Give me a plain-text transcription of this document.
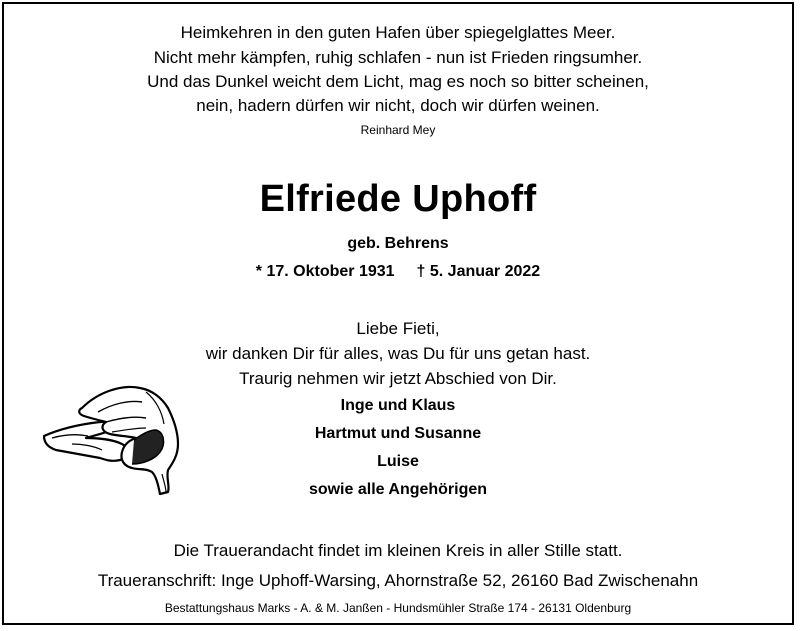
Heimkehren in den guten Hafen über spiegelglattes Meer.
Nicht mehr kämpfen, ruhig schlafen - nun ist Frieden ringsumher.
Und das Dunkel weicht dem Licht, mag es noch so bitter scheinen,
nein, hadern dürfen wir nicht, doch wir dürfen weinen.
Reinhard Mey
Elfriede Uphoff
geb. Behrens
* 17. Oktober 1931 † 5. Januar 2022
Liebe Fieti,
wir danken Dir für alles, was Du für uns getan hast.
Traurig nehmen wir jetzt Abschied von Dir.
Inge und Klaus
Hartmut und Susanne
Luise
sowie alle Angehörigen
Die Trauerandacht findet im kleinen Kreis in aller Stille statt.
Traueranschrift: Inge Uphoff-Warsing, Ahornstraße 52, 26160 Bad Zwischenahn
Bestattungshaus Marks - A. & M. Janßen - Hundsmühler Straße 174 - 26131 Oldenburg
